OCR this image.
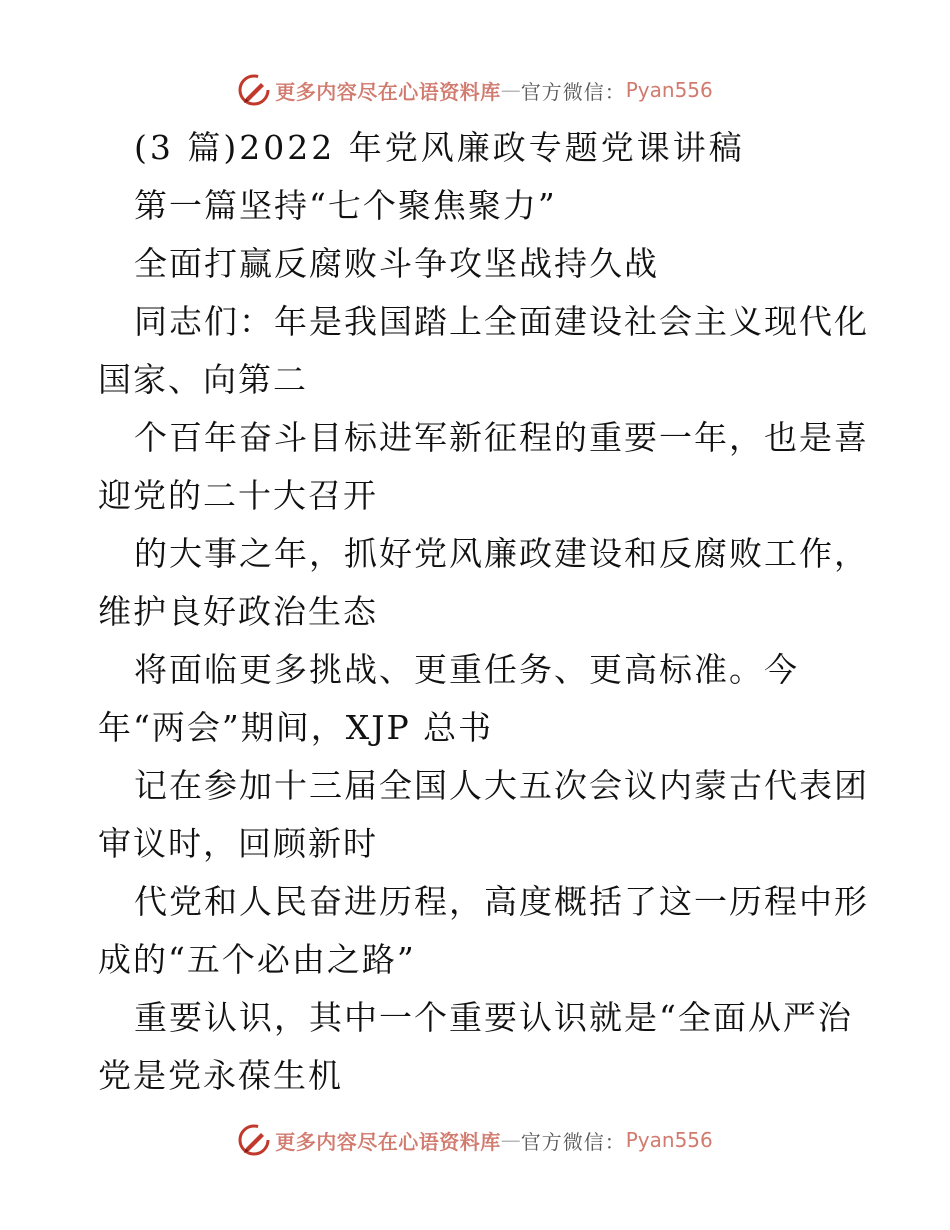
更多内容尽在心语资料库 — 官方微信： Pyan556
(3 篇)2022 年党风廉政专题党课讲稿
第一篇坚持“七个聚焦聚力”
全面打赢反腐败斗争攻坚战持久战
同志们：年是我国踏上全面建设社会主义现代化
国家、向第二
个百年奋斗目标进军新征程的重要一年，也是喜
迎党的二十大召开
的大事之年，抓好党风廉政建设和反腐败工作，
维护良好政治生态
将面临更多挑战、更重任务、更高标准。今
年“两会”期间，XJP 总书
记在参加十三届全国人大五次会议内蒙古代表团
审议时，回顾新时
代党和人民奋进历程，高度概括了这一历程中形
成的“五个必由之路”
重要认识，其中一个重要认识就是“全面从严治
党是党永葆生机
更多内容尽在心语资料库 — 官方微信： Pyan556
